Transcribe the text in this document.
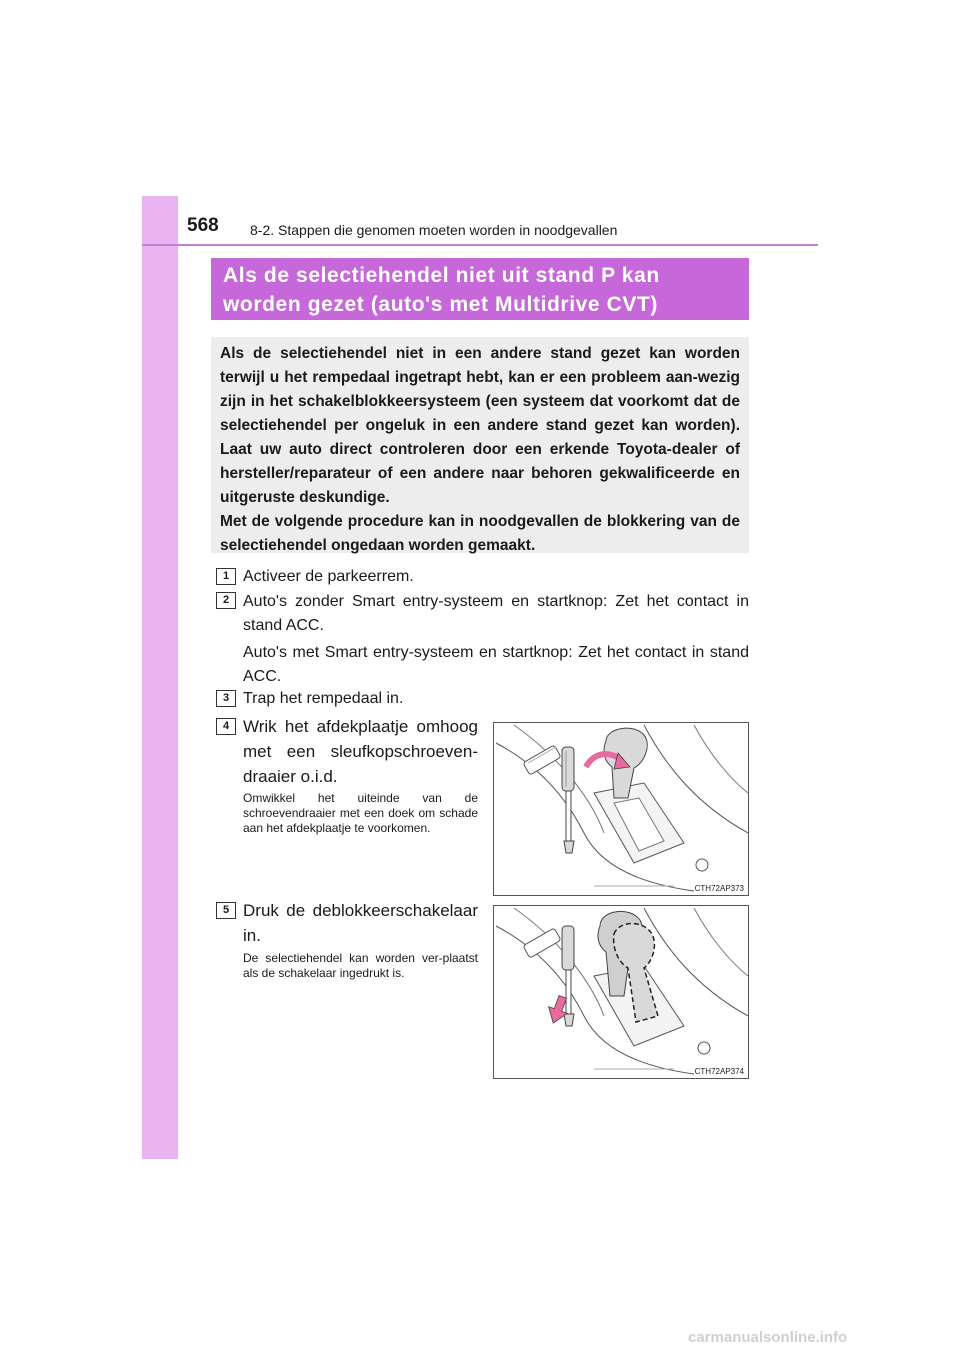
568 8-2. Stappen die genomen moeten worden in noodgevallen
Als de selectiehendel niet uit stand P kan
worden gezet (auto's met Multidrive CVT)

Als de selectiehendel niet in een andere stand gezet kan worden terwijl u het rempedaal ingetrapt hebt, kan er een probleem aan-wezig zijn in het schakelblokkeersysteem (een systeem dat voorkomt dat de selectiehendel per ongeluk in een andere stand gezet kan worden). Laat uw auto direct controleren door een erkende Toyota-dealer of hersteller/reparateur of een andere naar behoren gekwalificeerde en uitgeruste deskundige.

Met de volgende procedure kan in noodgevallen de blokkering van de selectiehendel ongedaan worden gemaakt.

1 Activeer de parkeerrem.
2 Auto's zonder Smart entry-systeem en startknop: Zet het contact in stand ACC.
Auto's met Smart entry-systeem en startknop: Zet het contact in stand ACC.
3 Trap het rempedaal in.
4 Wrik het afdekplaatje omhoog met een sleufkopschroeven-draaier o.i.d.
Omwikkel het uiteinde van de schroevendraaier met een doek om schade aan het afdekplaatje te voorkomen.
CTH72AP373
5 Druk de deblokkeerschakelaar in.
De selectiehendel kan worden ver-plaatst als de schakelaar ingedrukt is.
CTH72AP374
carmanualsonline.info
